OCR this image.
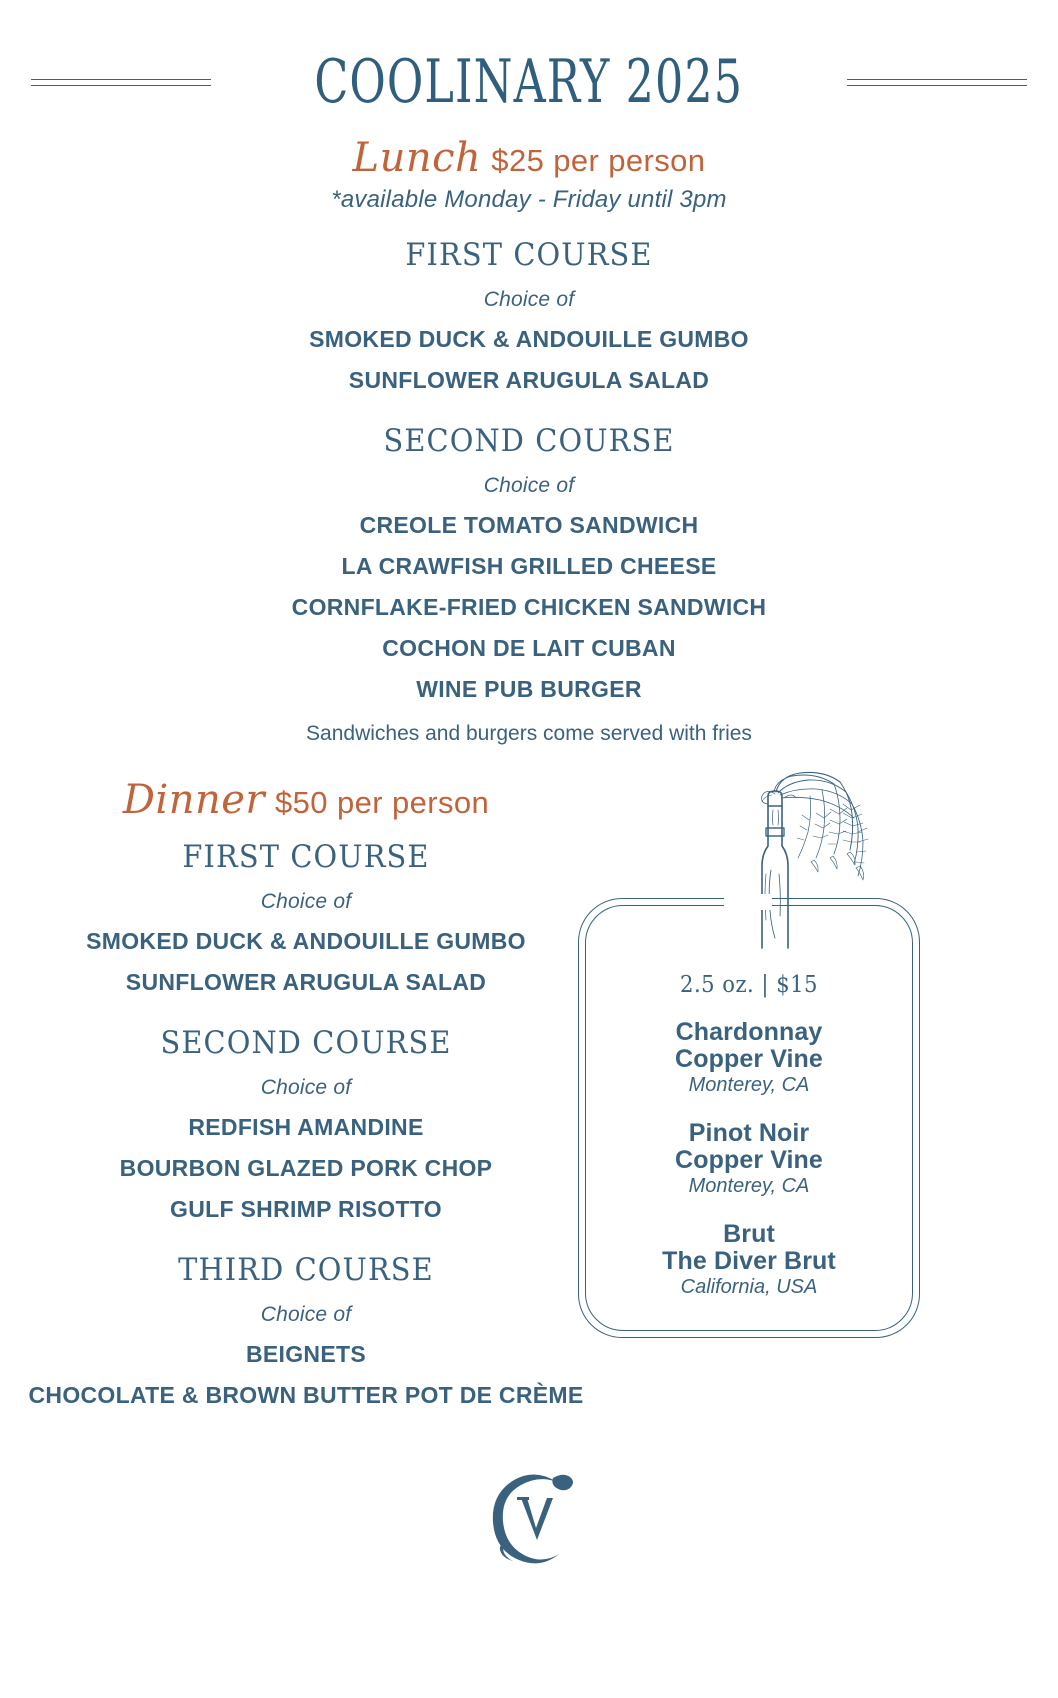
COOLINARY 2025
Lunch $25 per person
*available Monday - Friday until 3pm
FIRST COURSE
Choice of
SMOKED DUCK & ANDOUILLE GUMBO
SUNFLOWER ARUGULA SALAD
SECOND COURSE
Choice of
CREOLE TOMATO SANDWICH
LA CRAWFISH GRILLED CHEESE
CORNFLAKE-FRIED CHICKEN SANDWICH
COCHON DE LAIT CUBAN
WINE PUB BURGER
Sandwiches and burgers come served with fries
Dinner $50 per person
FIRST COURSE
Choice of
SMOKED DUCK & ANDOUILLE GUMBO
SUNFLOWER ARUGULA SALAD
SECOND COURSE
Choice of
REDFISH AMANDINE
BOURBON GLAZED PORK CHOP
GULF SHRIMP RISOTTO
THIRD COURSE
Choice of
BEIGNETS
CHOCOLATE & BROWN BUTTER POT DE CRÈME
2.5 oz. | $15
Chardonnay
Copper Vine
Monterey, CA
Pinot Noir
Copper Vine
Monterey, CA
Brut
The Diver Brut
California, USA
